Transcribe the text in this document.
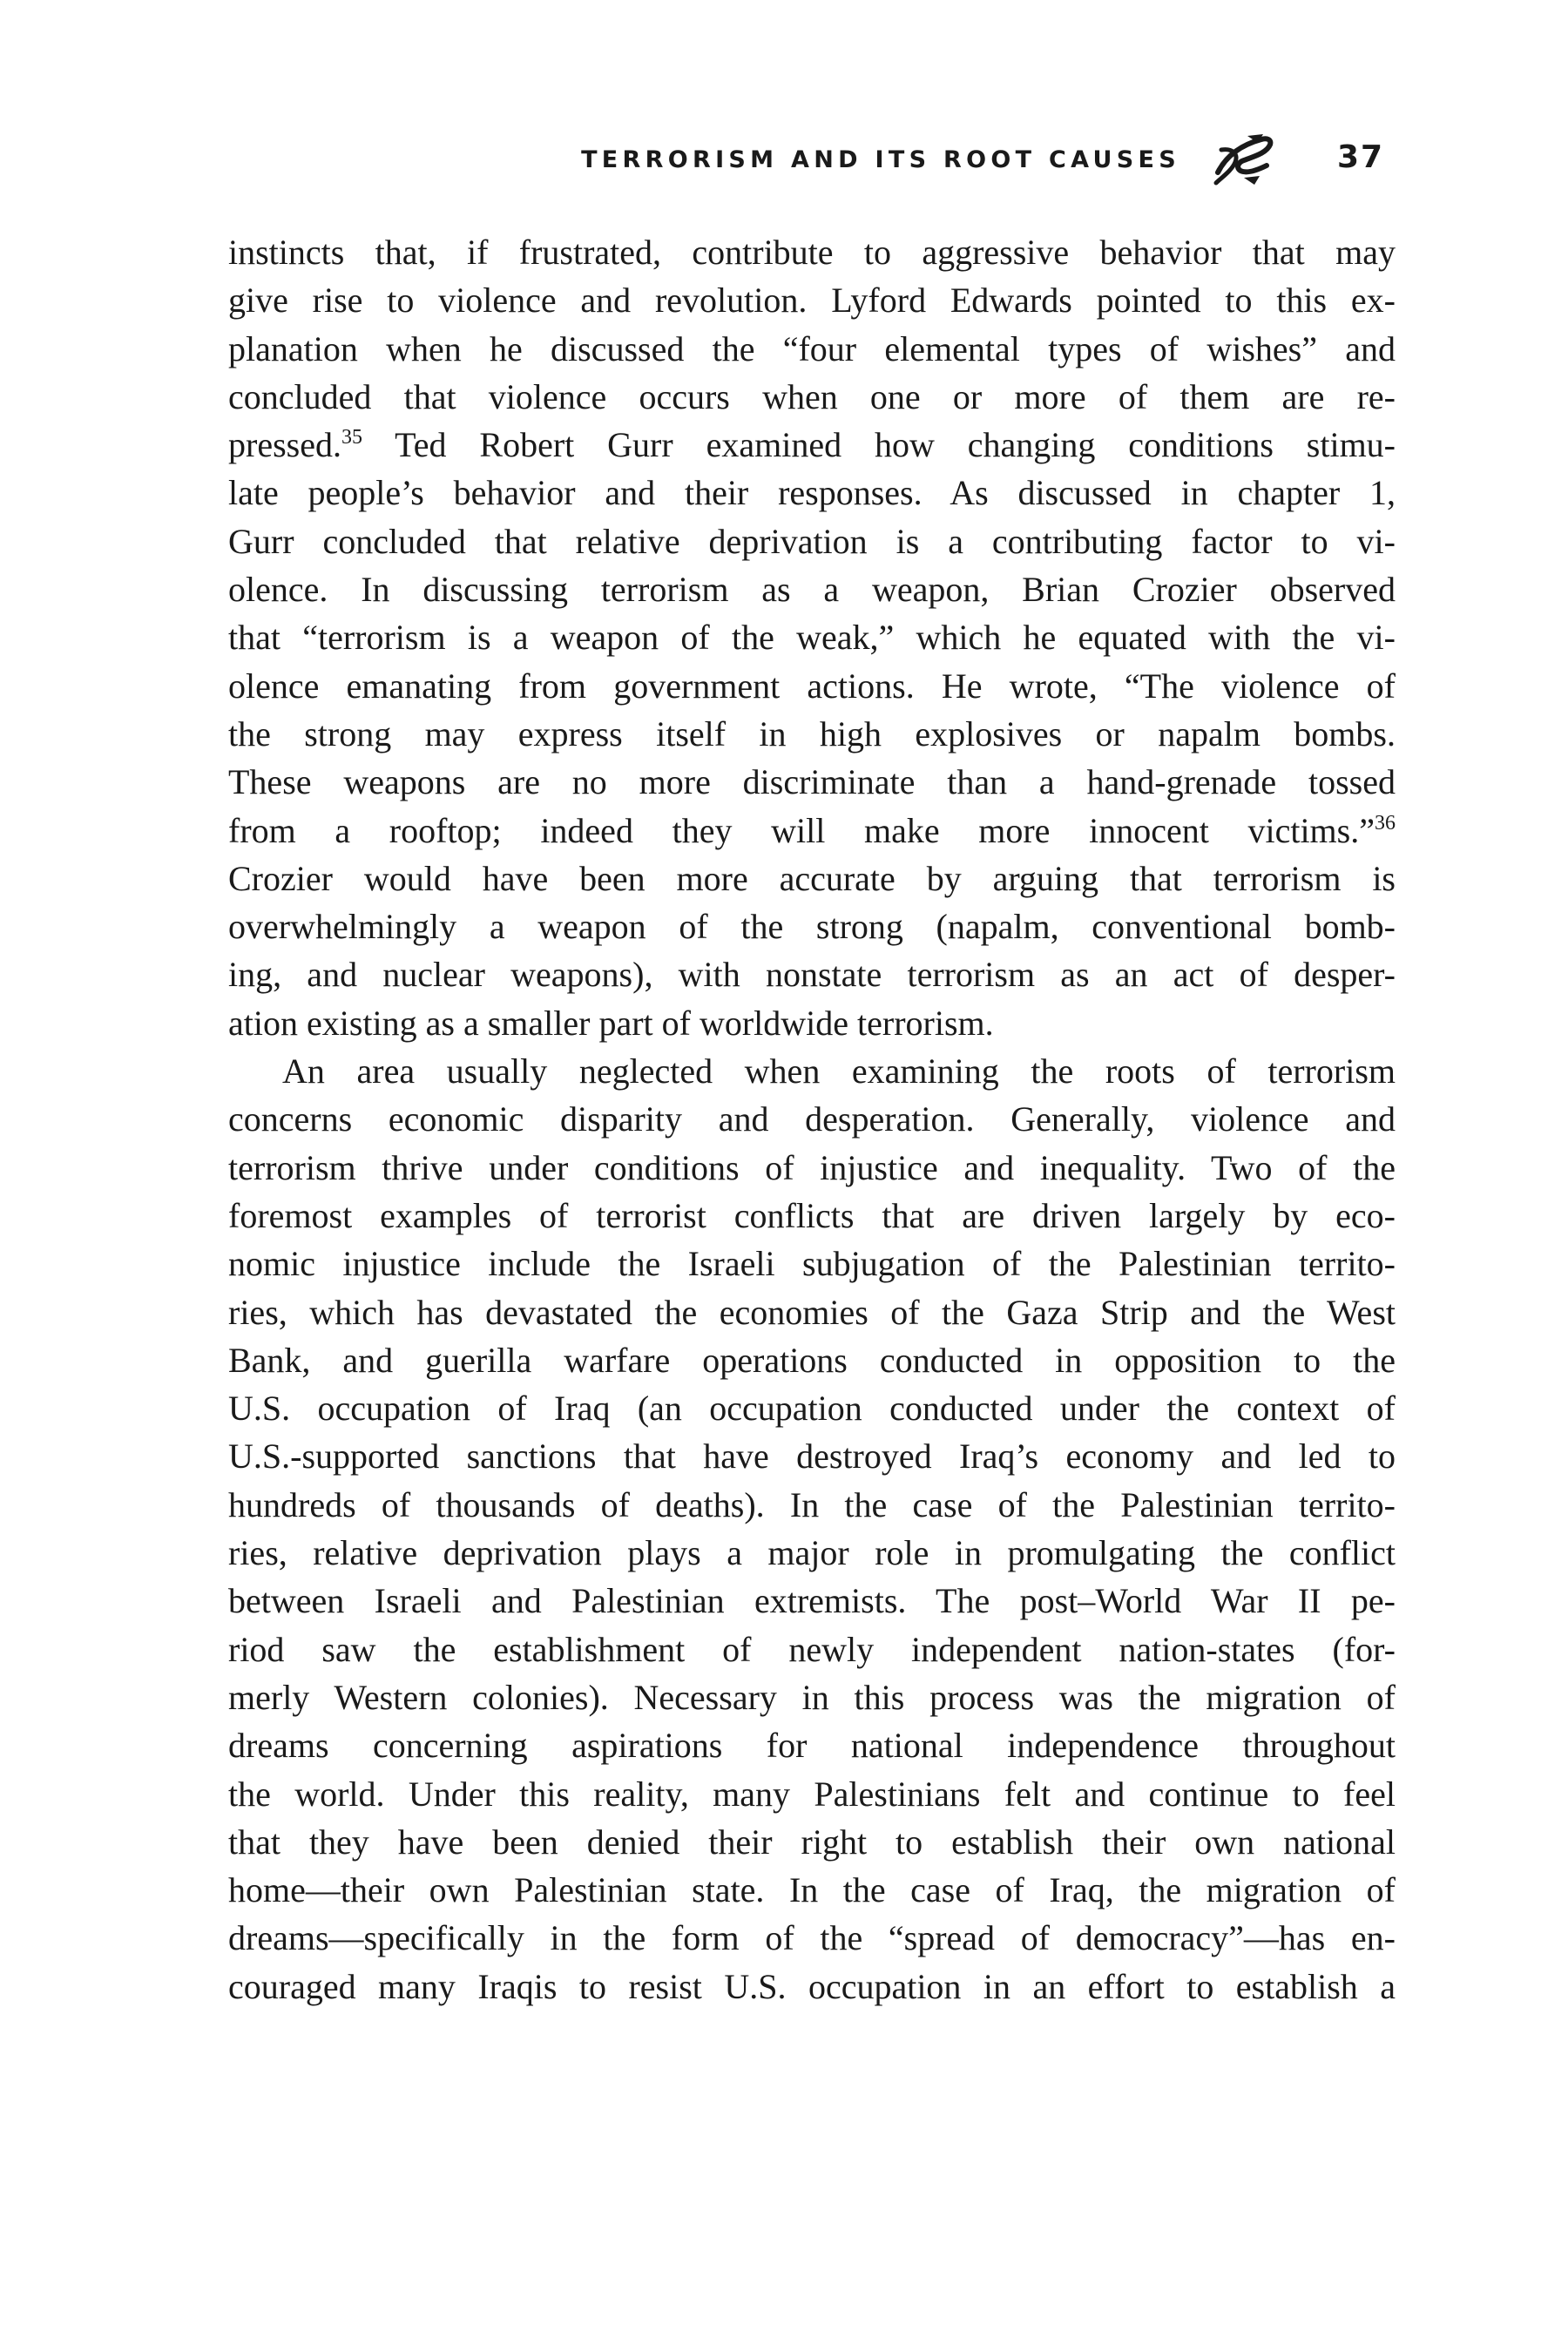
TERRORISM AND ITS ROOT CAUSES	37
instincts that, if frustrated, contribute to aggressive behavior that may
give rise to violence and revolution. Lyford Edwards pointed to this ex-
planation when he discussed the “four elemental types of wishes” and
concluded that violence occurs when one or more of them are re-
pressed.$^{35}$ Ted Robert Gurr examined how changing conditions stimu-
late people’s behavior and their responses. As discussed in chapter 1,
Gurr concluded that relative deprivation is a contributing factor to vi-
olence. In discussing terrorism as a weapon, Brian Crozier observed
that “terrorism is a weapon of the weak,” which he equated with the vi-
olence emanating from government actions. He wrote, “The violence of
the strong may express itself in high explosives or napalm bombs.
These weapons are no more discriminate than a hand-grenade tossed
from a rooftop; indeed they will make more innocent victims.”$^{36}$
Crozier would have been more accurate by arguing that terrorism is
overwhelmingly a weapon of the strong (napalm, conventional bomb-
ing, and nuclear weapons), with nonstate terrorism as an act of desper-
ation existing as a smaller part of worldwide terrorism.
An area usually neglected when examining the roots of terrorism
concerns economic disparity and desperation. Generally, violence and
terrorism thrive under conditions of injustice and inequality. Two of the
foremost examples of terrorist conflicts that are driven largely by eco-
nomic injustice include the Israeli subjugation of the Palestinian territo-
ries, which has devastated the economies of the Gaza Strip and the West
Bank, and guerilla warfare operations conducted in opposition to the
U.S. occupation of Iraq (an occupation conducted under the context of
U.S.-supported sanctions that have destroyed Iraq’s economy and led to
hundreds of thousands of deaths). In the case of the Palestinian territo-
ries, relative deprivation plays a major role in promulgating the conflict
between Israeli and Palestinian extremists. The post–World War II pe-
riod saw the establishment of newly independent nation-states (for-
merly Western colonies). Necessary in this process was the migration of
dreams concerning aspirations for national independence throughout
the world. Under this reality, many Palestinians felt and continue to feel
that they have been denied their right to establish their own national
home—their own Palestinian state. In the case of Iraq, the migration of
dreams—specifically in the form of the “spread of democracy”—has en-
couraged many Iraqis to resist U.S. occupation in an effort to establish a
